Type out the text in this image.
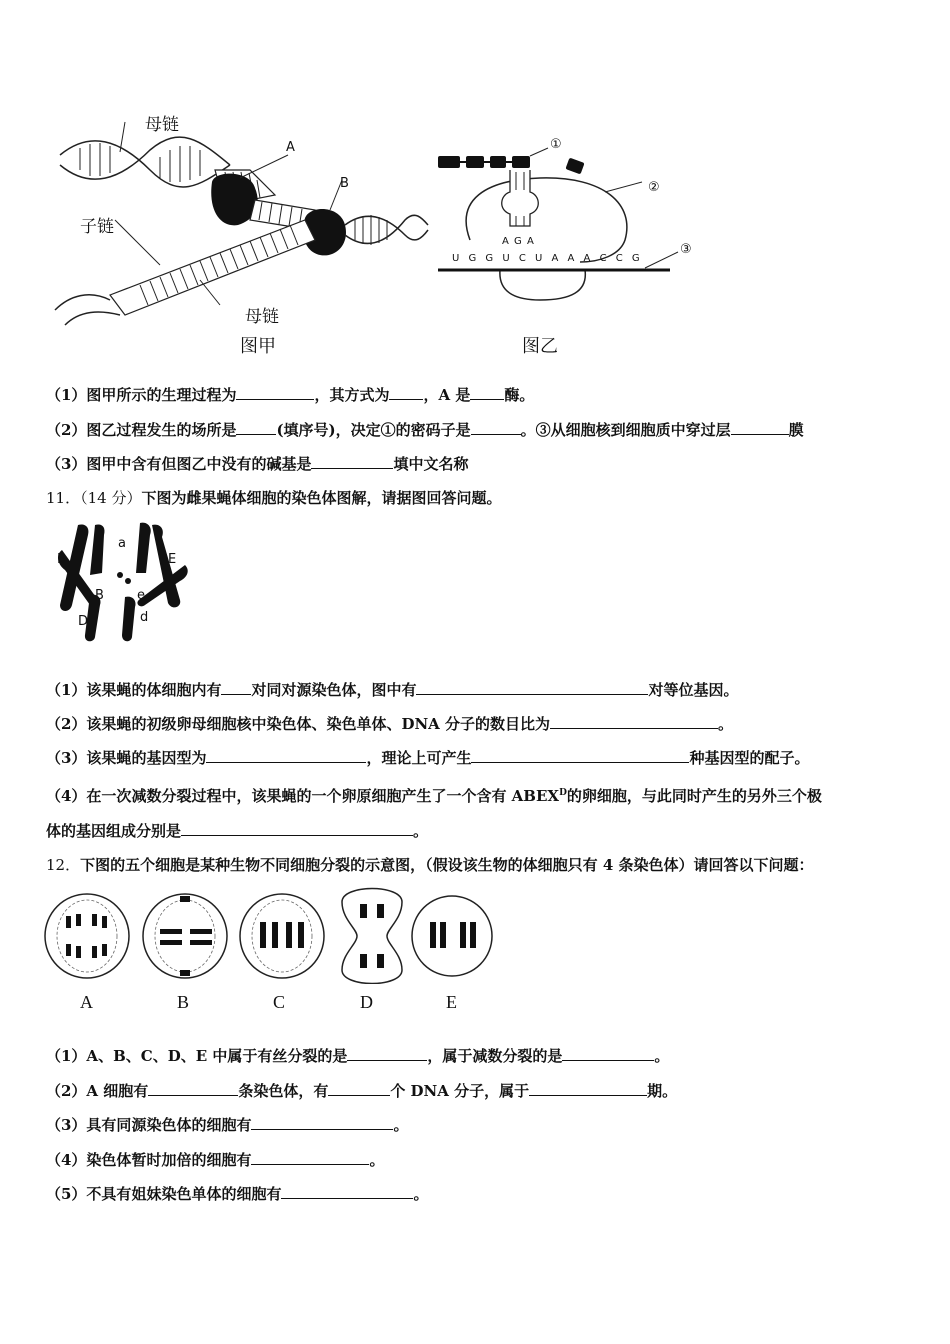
母链
A
B
子链
母链
图甲
①
②
③
A G A
U G G U C U A A A C C G
图乙
（1）图甲所示的生理过程为	，其方式为 ，A 是 酶。
（2）图乙过程发生的场所是	(填序号)，决定①的密码子是	。③从细胞核到细胞质中穿过层	膜
（3）图甲中含有但图乙中没有的碱基是	填中文名称
11．（14 分）下图为雌果蝇体细胞的染色体图解，请据图回答问题。
A
a
B	E
e
B
D	d
（1）该果蝇的体细胞内有 对同对源染色体，图中有	对等位基因。
（2）该果蝇的初级卵母细胞核中染色体、染色单体、DNA 分子的数目比为	。
（3）该果蝇的基因型为	，理论上可产生	种基因型的配子。
（4）在一次减数分裂过程中，该果蝇的一个卵原细胞产生了一个含有 $ABEX^D$的卵细胞，与此同时产生的另外三个极
体的基因组成分别是	。
12．下图的五个细胞是某种生物不同细胞分裂的示意图，（假设该生物的体细胞只有 4 条染色体）请回答以下问题：
A	B	C	D	E
（1）A、B、C、D、E 中属于有丝分裂的是	，属于减数分裂的是	。
（2）A 细胞有	条染色体，有	个 DNA 分子，属于	期。
（3）具有同源染色体的细胞有	。
（4）染色体暂时加倍的细胞有	。
（5）不具有姐妹染色单体的细胞有	。
